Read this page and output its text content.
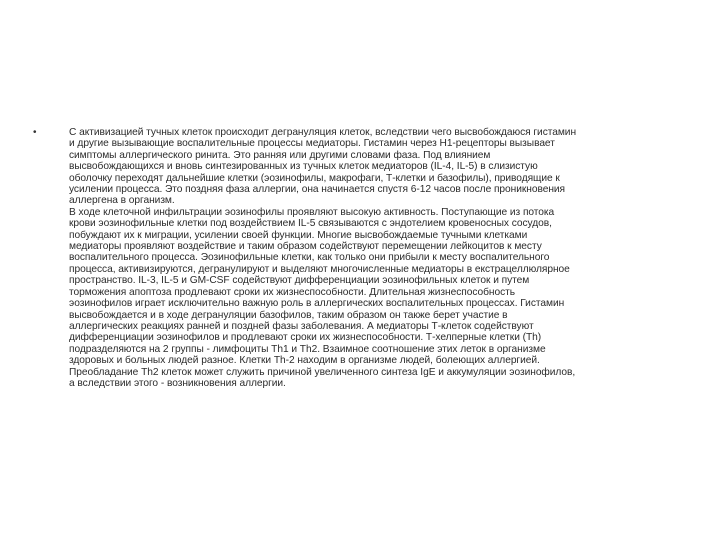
•	С активизацией тучных клеток происходит дегрануляция клеток, вследствии чего высвобождаюся гистамин
и другие вызывающие воспалительные процессы медиаторы. Гистамин через Н1-рецепторы вызывает
симптомы аллергического ринита. Это ранняя или другими словами фаза. Под влиянием
высвобождающихся и вновь синтезированных из тучных клеток медиаторов (IL-4, IL-5) в слизистую
оболочку переходят дальнейшие клетки (эозинофилы, макрофаги, Т-клетки и базофилы), приводящие к
усилении процесса. Это поздняя фаза аллергии, она начинается спустя 6-12 часов после проникновения
аллергена в организм.
В ходе клеточной инфильтрации эозинофилы проявляют высокую активность. Поступающие из потока
крови эозинофильные клетки под воздействием IL-5 связываются с эндотелием кровеносных сосудов,
побуждают их к миграции, усилении своей функции. Многие высвобождаемые тучными клетками
медиаторы проявляют воздействие и таким образом содействуют перемещении лейкоцитов к месту
воспалительного процесса. Эозинофильные клетки, как только они прибыли к месту воспалительного
процесса, активизируются, дегранулируют и выделяют многочисленные медиаторы в екстрацеллюлярное
пространство. IL-3, IL-5 и GM-CSF содействуют дифференциации эозинофильных клеток и путем
торможения апоптоза продлевают сроки их жизнеспособности. Длительная жизнеспособность
эозинофилов играет исключительно важную роль в аллергических воспалительных процессах. Гистамин
высвобождается и в ходе дегрануляции базофилов, таким образом он также берет участие в
аллергических реакциях ранней и поздней фазы заболевания. А медиаторы Т-клеток содействуют
дифференциации эозинофилов и продлевают сроки их жизнеспособности. Т-хелперные клетки (Th)
подразделяются на 2 группы - лимфоциты Th1 и Th2. Взаимное соотношение этих леток в организме
здоровых и больных людей разное. Клетки Th-2 находим в организме людей, болеющих аллергией.
Преобладание Th2 клеток может служить причиной увеличенного синтеза IgE и аккумуляции эозинофилов,
а вследствии этого - возникновения аллергии.
